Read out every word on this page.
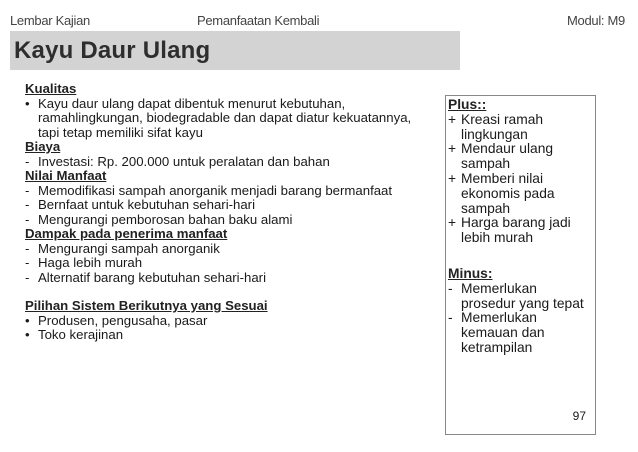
Lembar Kajian	Pemanfaatan Kembali	Modul: M9
Kayu Daur Ulang
Kualitas
• Kayu daur ulang dapat dibentuk menurut kebutuhan, ramahlingkungan, biodegradable dan dapat diatur kekuatannya, tapi tetap memiliki sifat kayu
Biaya
- Investasi: Rp. 200.000 untuk peralatan dan bahan
Nilai Manfaat
- Memodifikasi sampah anorganik menjadi barang bermanfaat
- Bernfaat untuk kebutuhan sehari-hari
- Mengurangi pemborosan bahan baku alami
Dampak pada penerima manfaat
- Mengurangi sampah anorganik
- Haga lebih murah
- Alternatif barang kebutuhan sehari-hari
Pilihan Sistem Berikutnya yang Sesuai
• Produsen, pengusaha, pasar
• Toko kerajinan
Plus::
+ Kreasi ramah lingkungan
+ Mendaur ulang sampah
+ Memberi nilai ekonomis pada sampah
+ Harga barang jadi lebih murah
Minus:
- Memerlukan prosedur yang tepat
- Memerlukan kemauan dan ketrampilan
97
